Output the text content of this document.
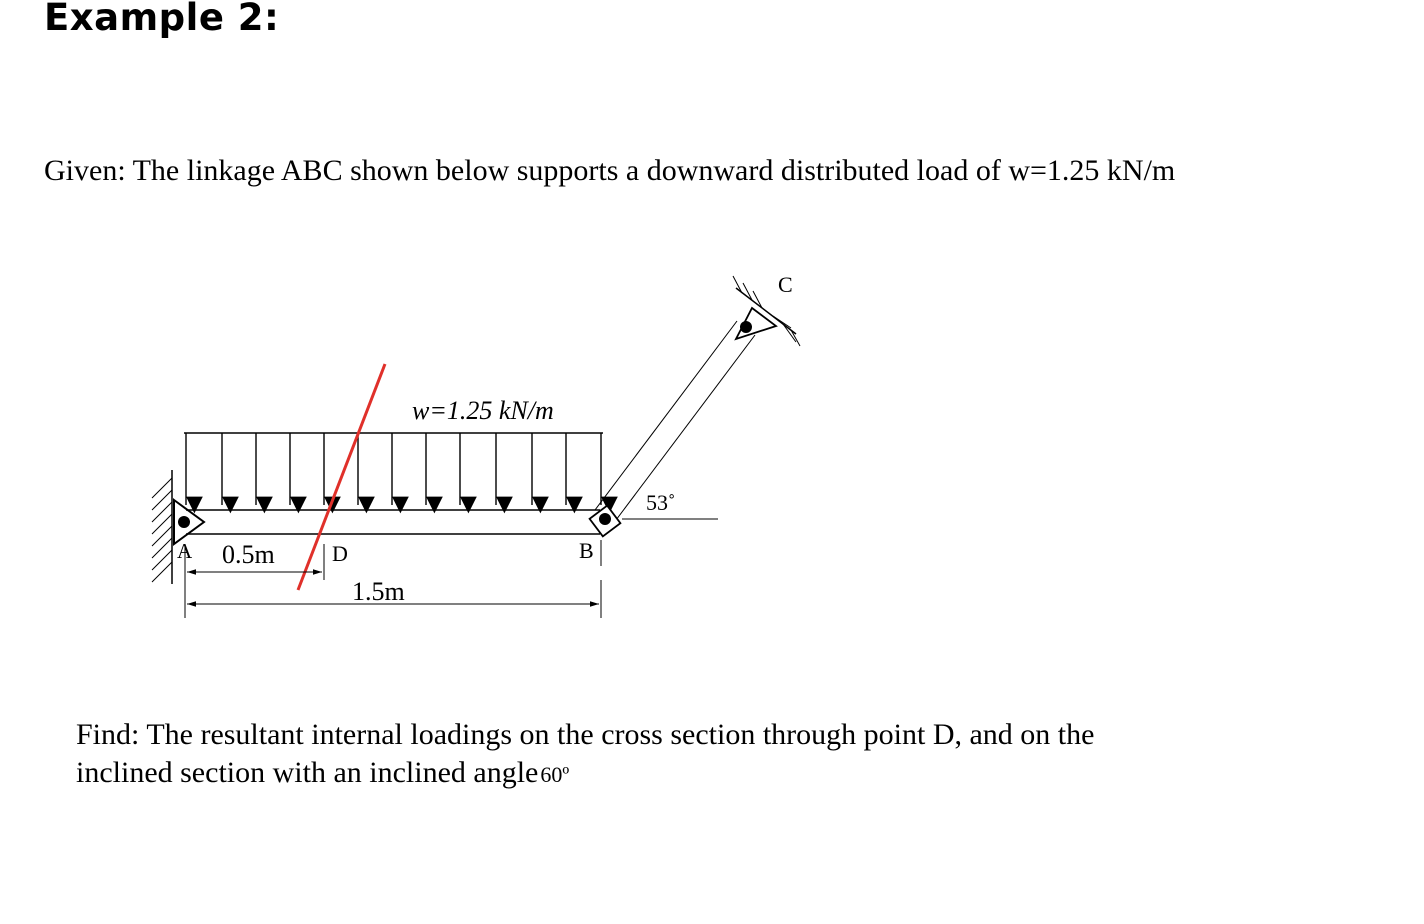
Example 2:
Given: The linkage ABC shown below supports a downward distributed load of w=1.25 kN/m
w=1.25 kN/m
C
53˚
A	D	B
0.5m
1.5m
Find: The resultant internal loadings on the cross section through point D, and on the
inclined section with an inclined angle60º
